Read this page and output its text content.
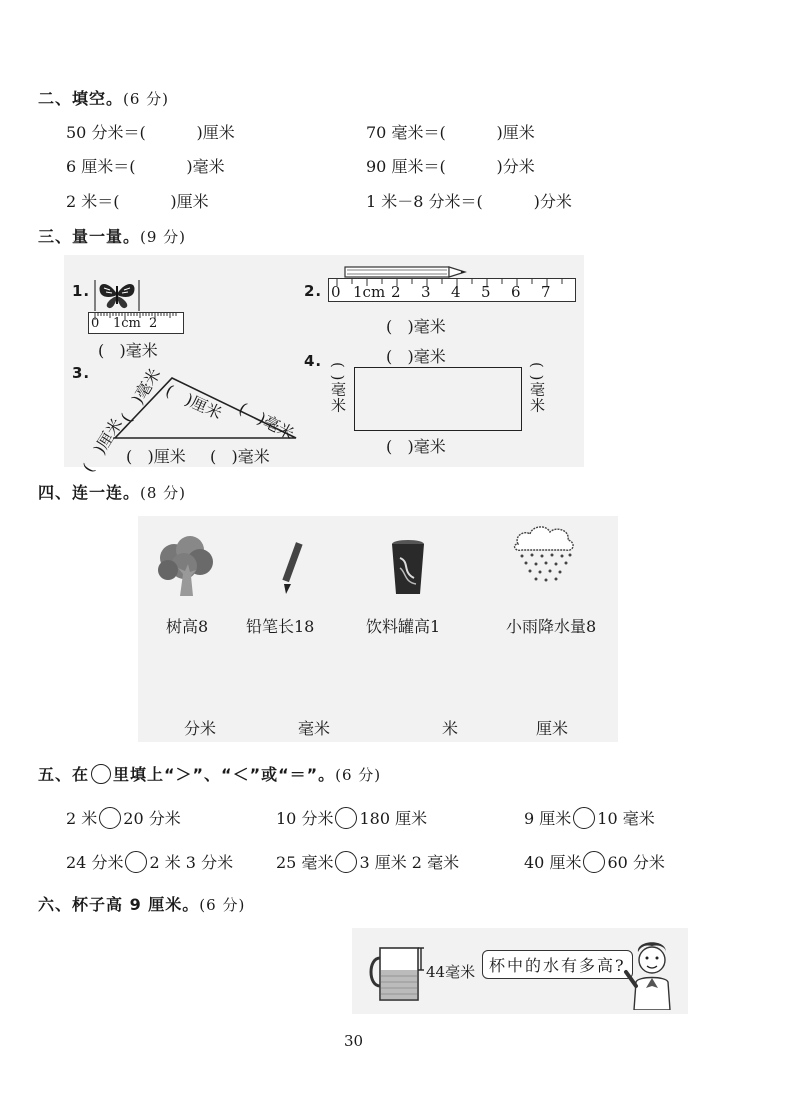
二、填空。(6 分)
50 分米＝(          )厘米	70 毫米＝(          )厘米
6 厘米＝(          )毫米	90 厘米＝(          )分米
2 米＝(          )厘米	1 米－8 分米＝(          )分米
三、量一量。(9 分)
1.
0 1cm 2
(   )毫米
2. 0 1cm 2 3 4 5 6 7
(   )毫米
3.
(   )厘米 (   )毫米
(   )毫米
(   )厘米 (   )厘米 (   )毫米
4.	(   )毫米
( )毫米	( )毫米
(   )毫米
四、连一连。(8 分)
树高8 铅笔长18	饮料罐高1	小雨降水量8
分米	毫米	米	厘米
五、在 里填上“＞”、“＜”或“＝”。(6 分)
2 米 20 分米	10 分米 180 厘米	9 厘米 10 毫米
24 分米 2 米 3 分米	25 毫米 3 厘米 2 毫米	40 厘米 60 分米
六、杯子高 9 厘米。(6 分)
44毫米 杯中的水有多高?
30
